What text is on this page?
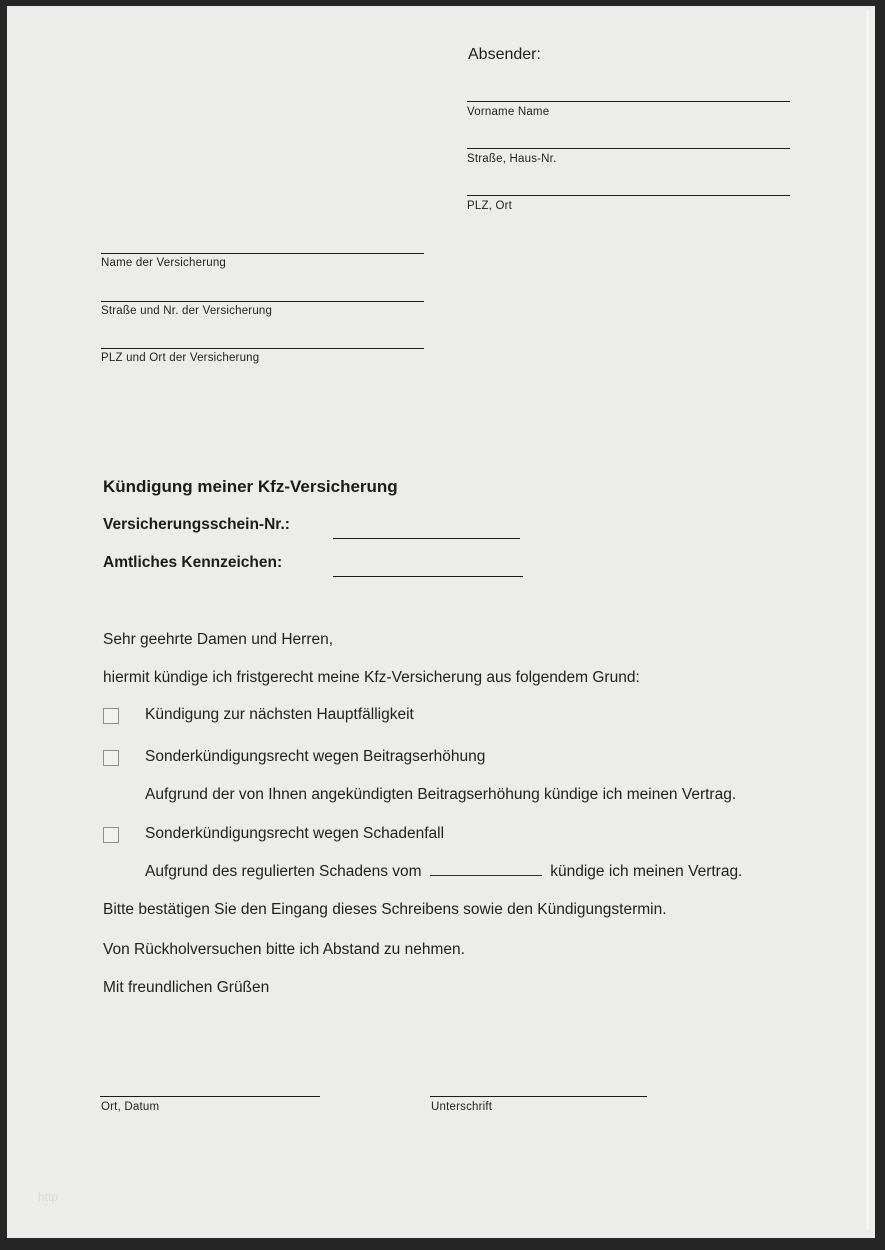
Absender:
Vorname Name
Straße, Haus-Nr.
PLZ, Ort
Name der Versicherung
Straße und Nr. der Versicherung
PLZ und Ort der Versicherung
Kündigung meiner Kfz-Versicherung
Versicherungsschein-Nr.:
Amtliches Kennzeichen:
Sehr geehrte Damen und Herren,
hiermit kündige ich fristgerecht meine Kfz-Versicherung aus folgendem Grund:
Kündigung zur nächsten Hauptfälligkeit
Sonderkündigungsrecht wegen Beitragserhöhung
Aufgrund der von Ihnen angekündigten Beitragserhöhung kündige ich meinen Vertrag.
Sonderkündigungsrecht wegen Schadenfall
Aufgrund des regulierten Schadens vom	kündige ich meinen Vertrag.
Bitte bestätigen Sie den Eingang dieses Schreibens sowie den Kündigungstermin.
Von Rückholversuchen bitte ich Abstand zu nehmen.
Mit freundlichen Grüßen
Ort, Datum	Unterschrift
http
